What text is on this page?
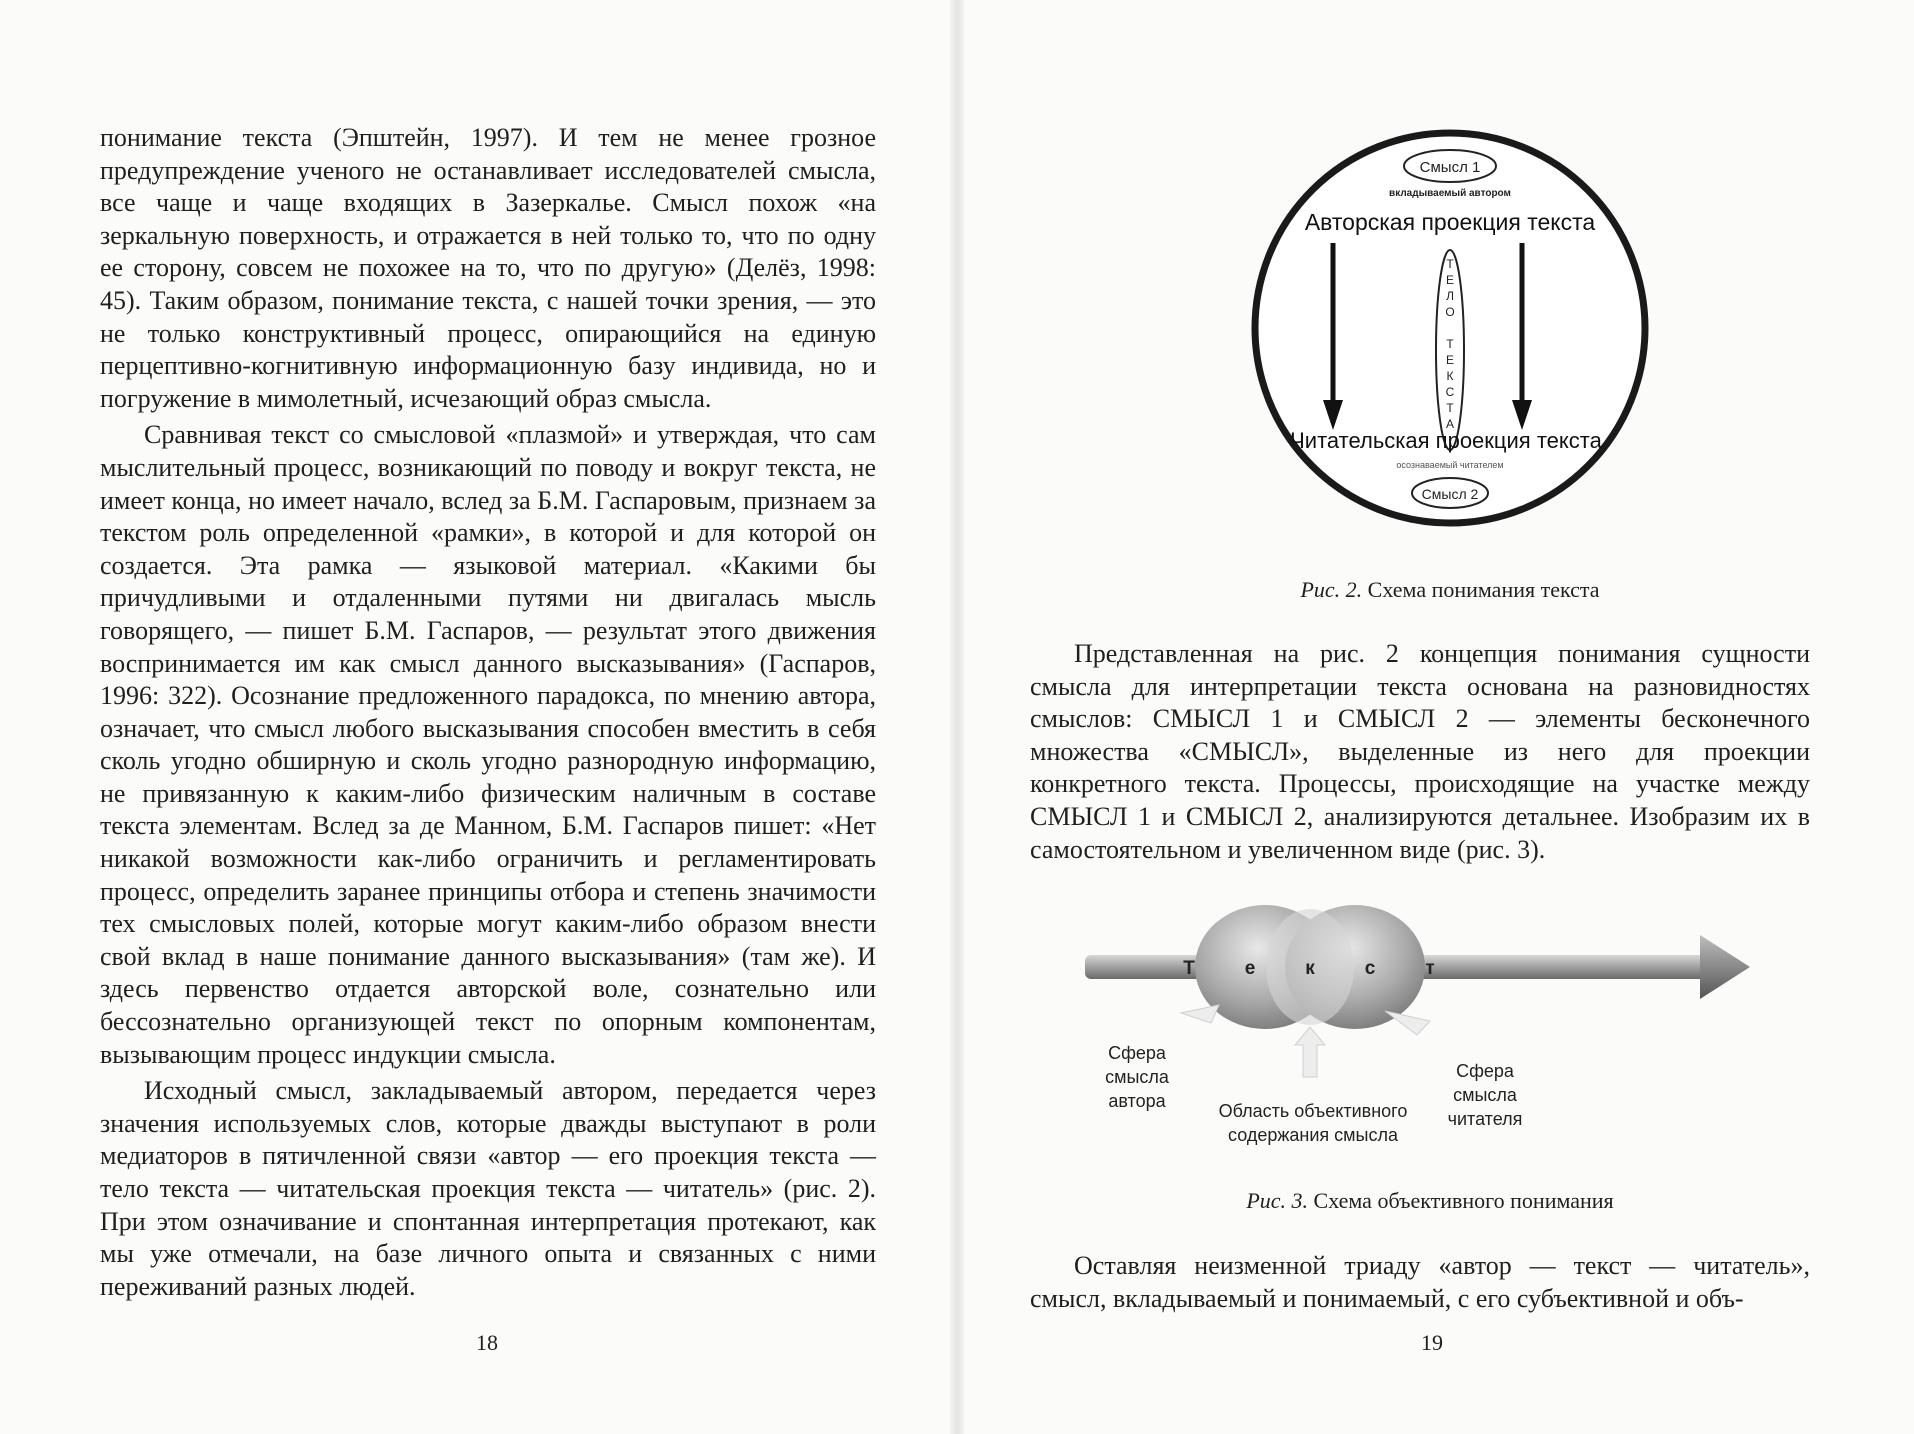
понимание текста (Эпштейн, 1997). И тем не менее грозное предупреждение ученого не останавливает исследователей смысла, все чаще и чаще входящих в Зазеркалье. Смысл похож «на зеркальную поверхность, и отражается в ней только то, что по одну ее сторону, совсем не похожее на то, что по другую» (Делёз, 1998: 45). Таким образом, понимание текста, с нашей точки зрения, — это не только конструктивный процесс, опирающийся на единую перцептивно-когнитивную информационную базу индивида, но и погружение в мимолетный, исчезающий образ смысла.

Сравнивая текст со смысловой «плазмой» и утверждая, что сам мыслительный процесс, возникающий по поводу и вокруг текста, не имеет конца, но имеет начало, вслед за Б.М. Гаспаровым, признаем за текстом роль определенной «рамки», в которой и для которой он создается. Эта рамка — языковой материал. «Какими бы причудливыми и отдаленными путями ни двигалась мысль говорящего, — пишет Б.М. Гаспаров, — результат этого движения воспринимается им как смысл данного высказывания» (Гаспаров, 1996: 322). Осознание предложенного парадокса, по мнению автора, означает, что смысл любого высказывания способен вместить в себя сколь угодно обширную и сколь угодно разнородную информацию, не привязанную к каким-либо физическим наличным в составе текста элементам. Вслед за де Манном, Б.М. Гаспаров пишет: «Нет никакой возможности как-либо ограничить и регламентировать процесс, определить заранее принципы отбора и степень значимости тех смысловых полей, которые могут каким-либо образом внести свой вклад в наше понимание данного высказывания» (там же). И здесь первенство отдается авторской воле, сознательно или бессознательно организующей текст по опорным компонентам, вызывающим процесс индукции смысла.

Исходный смысл, закладываемый автором, передается через значения используемых слов, которые дважды выступают в роли медиаторов в пятичленной связи «автор — его проекция текста — тело текста — читательская проекция текста — читатель» (рис. 2). При этом означивание и спонтанная интерпретация протекают, как мы уже отмечали, на базе личного опыта и связанных с ними переживаний разных людей.

18
Смысл 1
вкладываемый автором
Авторская проекция текста
Т
Е
Л
О
Т
Е
К
С
Т
А
Читательская проекция текста
осознаваемый читателем
Смысл 2
Рис. 2. Схема понимания текста

Представленная на рис. 2 концепция понимания сущности смысла для интерпретации текста основана на разновидностях смыслов: СМЫСЛ 1 и СМЫСЛ 2 — элементы бесконечного множества «СМЫСЛ», выделенные из него для проекции конкретного текста. Процессы, происходящие на участке между СМЫСЛ 1 и СМЫСЛ 2, анализируются детальнее. Изобразим их в самостоятельном и увеличенном виде (рис. 3).

Т	е	к	с	т
Сфера
смысла
автора	Область объективного
содержания смысла
Сфера
смысла
читателя
Рис. 3. Схема объективного понимания

Оставляя неизменной триаду «автор — текст — читатель», смысл, вкладываемый и понимаемый, с его субъективной и объ-

19
